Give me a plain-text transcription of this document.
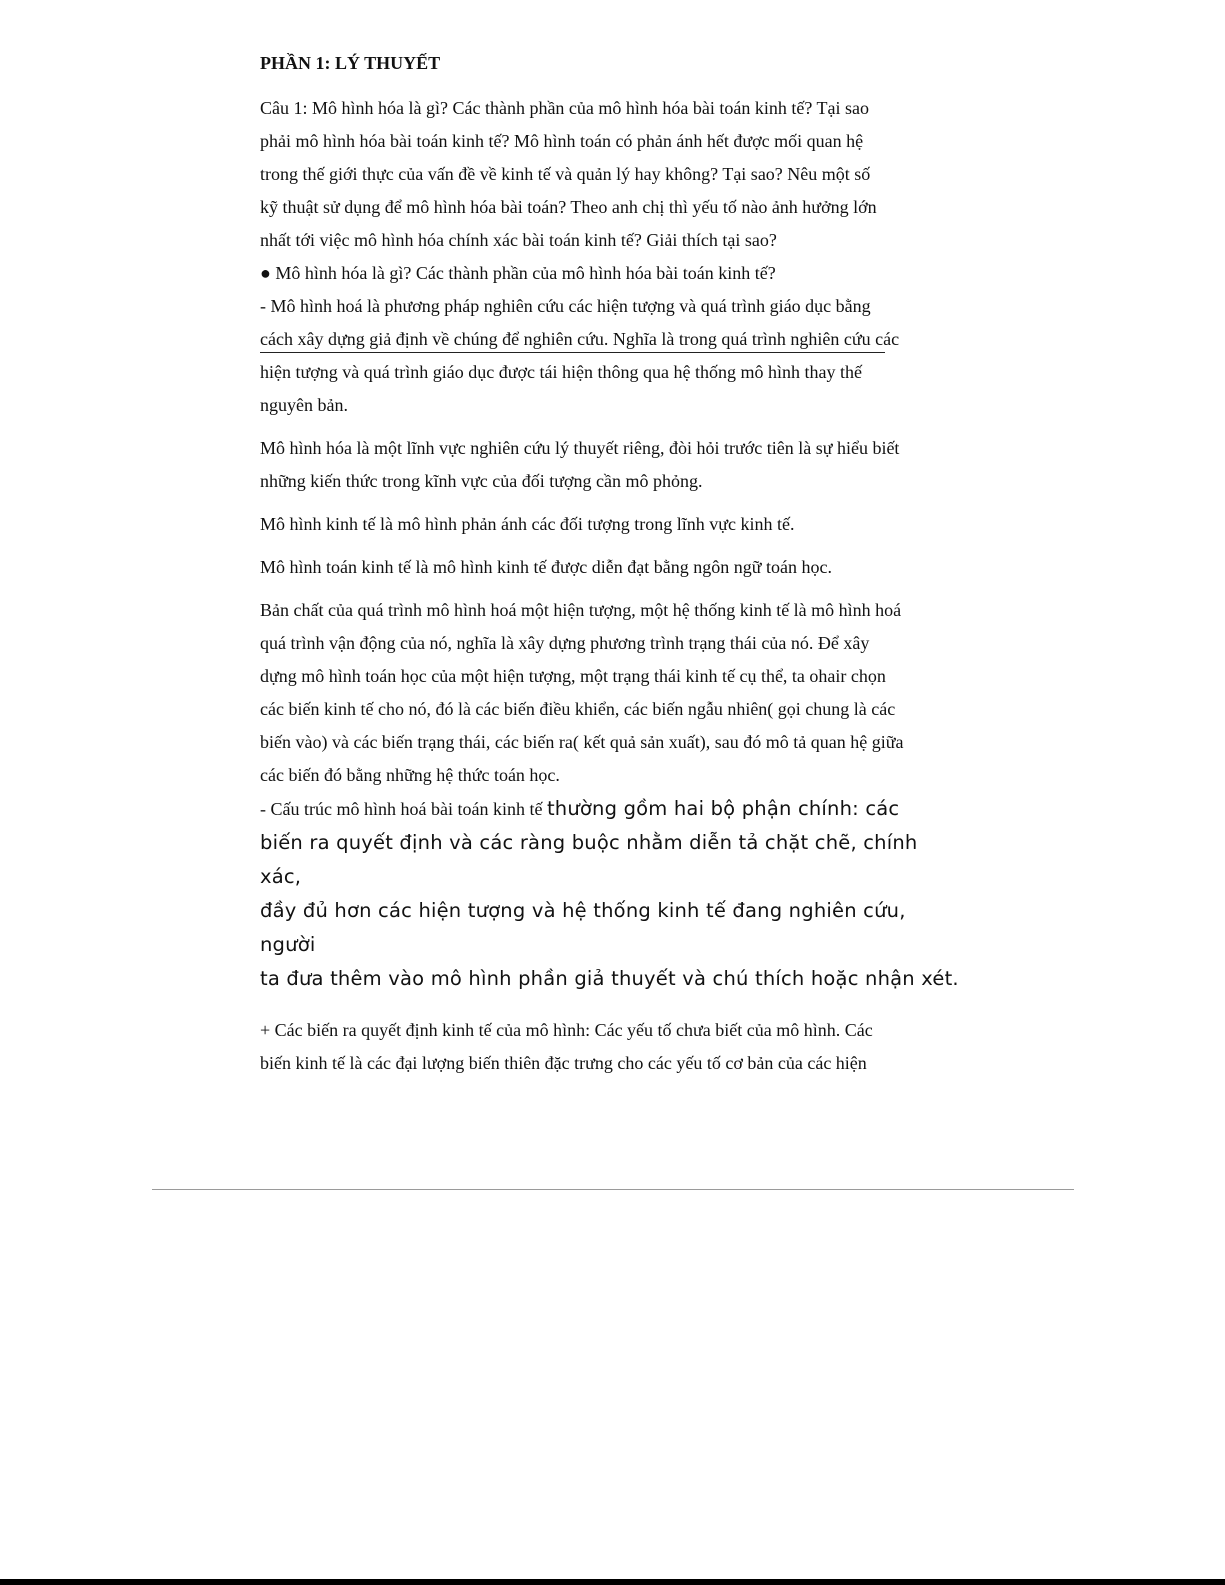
PHẦN 1: LÝ THUYẾT
Câu 1: Mô hình hóa là gì? Các thành phần của mô hình hóa bài toán kinh tế? Tại sao
phải mô hình hóa bài toán kinh tế? Mô hình toán có phản ánh hết được mối quan hệ
trong thế giới thực của vấn đề về kinh tế và quản lý hay không? Tại sao? Nêu một số
kỹ thuật sử dụng để mô hình hóa bài toán? Theo anh chị thì yếu tố nào ảnh hưởng lớn
nhất tới việc mô hình hóa chính xác bài toán kinh tế? Giải thích tại sao?
● Mô hình hóa là gì? Các thành phần của mô hình hóa bài toán kinh tế?
- Mô hình hoá là phương pháp nghiên cứu các hiện tượng và quá trình giáo dục bằng
cách xây dựng giả định về chúng để nghiên cứu. Nghĩa là trong quá trình nghiên cứu các
hiện tượng và quá trình giáo dục được tái hiện thông qua hệ thống mô hình thay thế
nguyên bản.
Mô hình hóa là một lĩnh vực nghiên cứu lý thuyết riêng, đòi hỏi trước tiên là sự hiểu biết
những kiến thức trong kĩnh vực của đối tượng cần mô phỏng.
Mô hình kinh tế là mô hình phản ánh các đối tượng trong lĩnh vực kinh tế.
Mô hình toán kinh tế là mô hình kinh tế được diễn đạt bằng ngôn ngữ toán học.
Bản chất của quá trình mô hình hoá một hiện tượng, một hệ thống kinh tế là mô hình hoá
quá trình vận động của nó, nghĩa là xây dựng phương trình trạng thái của nó. Để xây
dựng mô hình toán học của một hiện tượng, một trạng thái kinh tế cụ thể, ta ohair chọn
các biến kinh tế cho nó, đó là các biến điều khiển, các biến ngẫu nhiên( gọi chung là các
biến vào) và các biến trạng thái, các biến ra( kết quả sản xuất), sau đó mô tả quan hệ giữa
các biến đó bằng những hệ thức toán học.
- Cấu trúc mô hình hoá bài toán kinh tế thường gồm hai bộ phận chính: các
biến ra quyết định và các ràng buộc nhằm diễn tả chặt chẽ, chính xác,
đầy đủ hơn các hiện tượng và hệ thống kinh tế đang nghiên cứu, người
ta đưa thêm vào mô hình phần giả thuyết và chú thích hoặc nhận xét.
+ Các biến ra quyết định kinh tế của mô hình: Các yếu tố chưa biết của mô hình. Các
biến kinh tế là các đại lượng biến thiên đặc trưng cho các yếu tố cơ bản của các hiện
